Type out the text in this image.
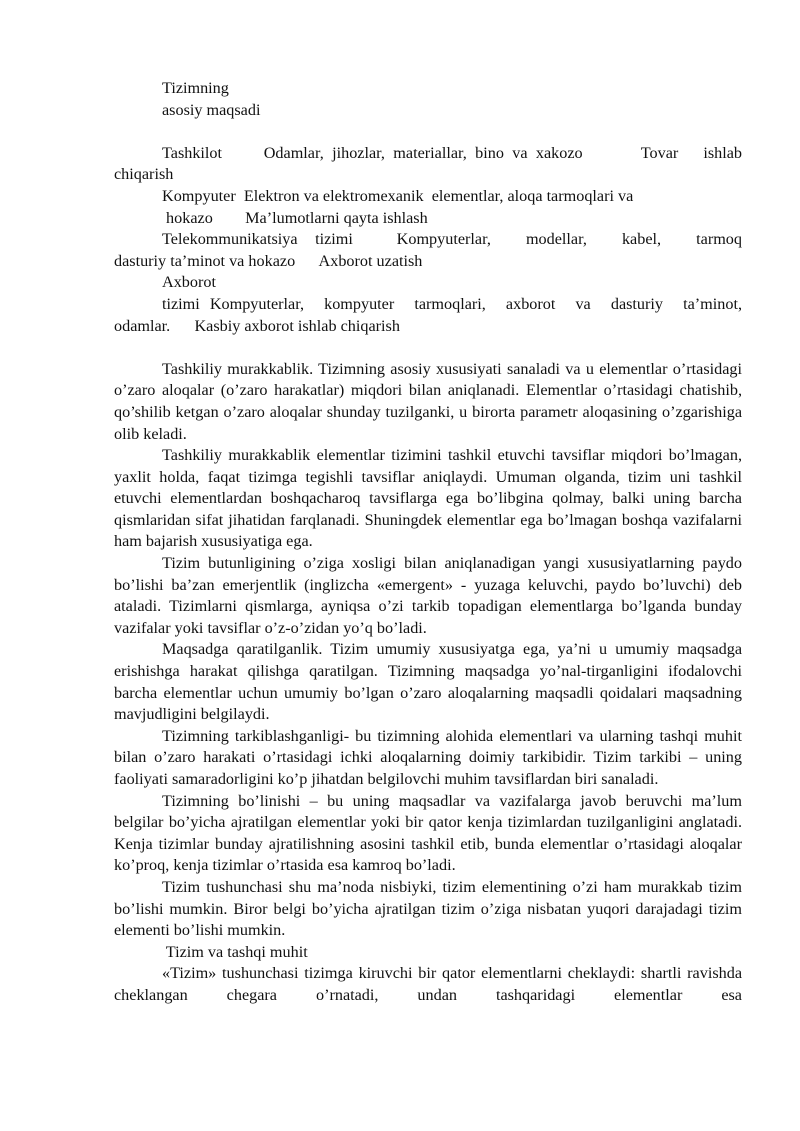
Tizimning

asosiy maqsadi

Tashkilot     Odamlar, jihozlar, materiallar, bino va xakozo       Tovar   ishlab

chiqarish

Kompyuter  Elektron va elektromexanik  elementlar, aloqa tarmoqlari va

hokazo        Ma’lumotlarni qayta ishlash

Telekommunikatsiya  tizimi     Kompyuterlar,    modellar,    kabel,    tarmoq

dasturiy ta’minot va hokazo      Axborot uzatish

Axborot

tizimi Kompyuterlar,  kompyuter  tarmoqlari,  axborot  va  dasturiy  ta’minot,

odamlar.      Kasbiy axborot ishlab chiqarish

Tashkiliy murakkablik. Tizimning asosiy xususiyati sanaladi va u elementlar o’rtasidagi o’zaro aloqalar (o’zaro harakatlar) miqdori bilan aniqlanadi. Elementlar o’rtasidagi chatishib, qo’shilib ketgan o’zaro aloqalar shunday tuzilganki, u birorta parametr aloqasining o’zgarishiga olib keladi.

Tashkiliy murakkablik elementlar tizimini tashkil etuvchi tavsiflar miqdori bo’lmagan, yaxlit holda, faqat tizimga tegishli tavsiflar aniqlaydi. Umuman olganda, tizim uni tashkil etuvchi elementlardan boshqacharoq tavsiflarga ega bo’libgina qolmay, balki uning barcha qismlaridan sifat jihatidan farqlanadi. Shuningdek elementlar ega bo’lmagan boshqa vazifalarni ham bajarish xususiyatiga ega.

Tizim butunligining o’ziga xosligi bilan aniqlanadigan yangi xususiyatlarning paydo bo’lishi ba’zan emerjentlik (inglizcha «emergent» - yuzaga keluvchi, paydo bo’luvchi) deb ataladi. Tizimlarni qismlarga, ayniqsa o’zi tarkib topadigan elementlarga bo’lganda bunday vazifalar yoki tavsiflar o’z-o’zidan yo’q bo’ladi.

Maqsadga qaratilganlik. Tizim umumiy xususiyatga ega, ya’ni u umumiy maqsadga erishishga harakat qilishga qaratilgan. Tizimning maqsadga yo’nal-tirganligini ifodalovchi barcha elementlar uchun umumiy bo’lgan o’zaro aloqalarning maqsadli qoidalari maqsadning mavjudligini belgilaydi.

Tizimning tarkiblashganligi- bu tizimning alohida elementlari va ularning tashqi muhit bilan o’zaro harakati o’rtasidagi ichki aloqalarning doimiy tarkibidir. Tizim tarkibi – uning faoliyati samaradorligini ko’p jihatdan belgilovchi muhim tavsiflardan biri sanaladi.

Tizimning bo’linishi – bu uning maqsadlar va vazifalarga javob beruvchi ma’lum belgilar bo’yicha ajratilgan elementlar yoki bir qator kenja tizimlardan tuzilganligini anglatadi. Kenja tizimlar bunday ajratilishning asosini tashkil etib, bunda elementlar o’rtasidagi aloqalar ko’proq, kenja tizimlar o’rtasida esa kamroq bo’ladi.

Tizim tushunchasi shu ma’noda nisbiyki, tizim elementining o’zi ham murakkab tizim bo’lishi mumkin. Biror belgi bo’yicha ajratilgan tizim o’ziga nisbatan yuqori darajadagi tizim elementi bo’lishi mumkin.

Tizim va tashqi muhit

«Tizim» tushunchasi tizimga kiruvchi bir qator elementlarni cheklaydi: shartli ravishda cheklangan chegara o’rnatadi, undan tashqaridagi elementlar esa
